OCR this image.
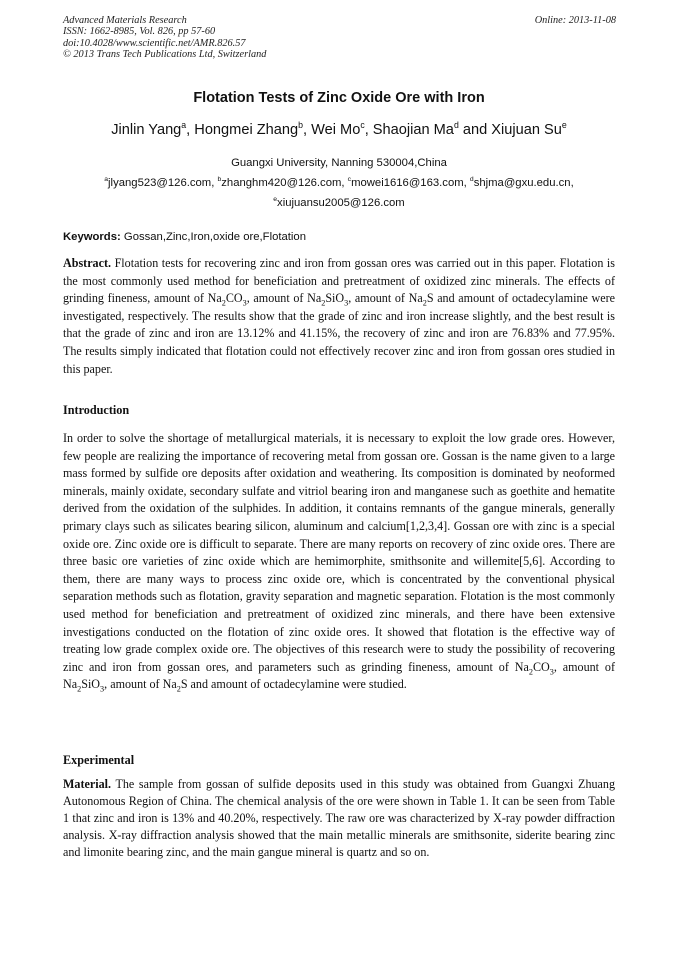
Advanced Materials Research
ISSN: 1662-8985, Vol. 826, pp 57-60
doi:10.4028/www.scientific.net/AMR.826.57
© 2013 Trans Tech Publications Ltd, Switzerland
Online: 2013-11-08
Flotation Tests of Zinc Oxide Ore with Iron
Jinlin Yang$^a$, Hongmei Zhang$^b$, Wei Mo$^c$, Shaojian Ma$^d$ and Xiujuan Su$^e$
Guangxi University, Nanning 530004,China
$^a$jlyang523@126.com, $^b$zhanghm420@126.com, $^c$mowei1616@163.com, $^d$shjma@gxu.edu.cn,
$^e$xiujuansu2005@126.com
Keywords: Gossan,Zinc,Iron,oxide ore,Flotation

Abstract. Flotation tests for recovering zinc and iron from gossan ores was carried out in this paper. Flotation is the most commonly used method for beneficiation and pretreatment of oxidized zinc minerals. The effects of grinding fineness, amount of $Na_2CO_3$, amount of $Na_2SiO_3$, amount of $Na_2S$ and amount of octadecylamine were investigated, respectively. The results show that the grade of zinc and iron increase slightly, and the best result is that the grade of zinc and iron are 13.12% and 41.15%, the recovery of zinc and iron are 76.83% and 77.95%. The results simply indicated that flotation could not effectively recover zinc and iron from gossan ores studied in this paper.

Introduction

In order to solve the shortage of metallurgical materials, it is necessary to exploit the low grade ores. However, few people are realizing the importance of recovering metal from gossan ore. Gossan is the name given to a large mass formed by sulfide ore deposits after oxidation and weathering. Its composition is dominated by neoformed minerals, mainly oxidate, secondary sulfate and vitriol bearing iron and manganese such as goethite and hematite derived from the oxidation of the sulphides. In addition, it contains remnants of the gangue minerals, generally primary clays such as silicates bearing silicon, aluminum and calcium[1,2,3,4]. Gossan ore with zinc is a special oxide ore. Zinc oxide ore is difficult to separate. There are many reports on recovery of zinc oxide ores. There are three basic ore varieties of zinc oxide which are hemimorphite, smithsonite and willemite[5,6]. According to them, there are many ways to process zinc oxide ore, which is concentrated by the conventional physical separation methods such as flotation, gravity separation and magnetic separation. Flotation is the most commonly used method for beneficiation and pretreatment of oxidized zinc minerals, and there have been extensive investigations conducted on the flotation of zinc oxide ores. It showed that flotation is the effective way of treating low grade complex oxide ore. The objectives of this research were to study the possibility of recovering zinc and iron from gossan ores, and parameters such as grinding fineness, amount of $Na_2CO_3$, amount of $Na_2SiO_3$, amount of $Na_2S$ and amount of octadecylamine were studied.

Experimental

Material. The sample from gossan of sulfide deposits used in this study was obtained from Guangxi Zhuang Autonomous Region of China. The chemical analysis of the ore were shown in Table 1. It can be seen from Table 1 that zinc and iron is 13% and 40.20%, respectively. The raw ore was characterized by X-ray powder diffraction analysis. X-ray diffraction analysis showed that the main metallic minerals are smithsonite, siderite bearing zinc and limonite bearing zinc, and the main gangue mineral is quartz and so on.
